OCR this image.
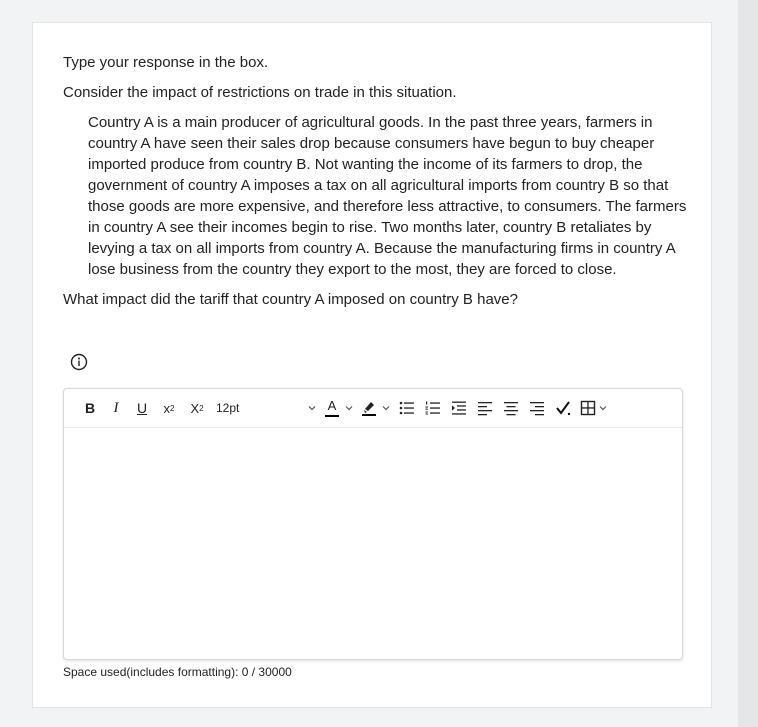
Type your response in the box.

Consider the impact of restrictions on trade in this situation.

Country A is a main producer of agricultural goods. In the past three years, farmers in country A have seen their sales drop because consumers have begun to buy cheaper imported produce from country B. Not wanting the income of its farmers to drop, the government of country A imposes a tax on all agricultural imports from country B so that those goods are more expensive, and therefore less attractive, to consumers. The farmers in country A see their incomes begin to rise. Two months later, country B retaliates by levying a tax on all imports from country A. Because the manufacturing firms in country A lose business from the country they export to the most, they are forced to close.

What impact did the tariff that country A imposed on country B have?

B	I	U x 2 X 2 12pt	A
Space used(includes formatting): 0 / 30000
